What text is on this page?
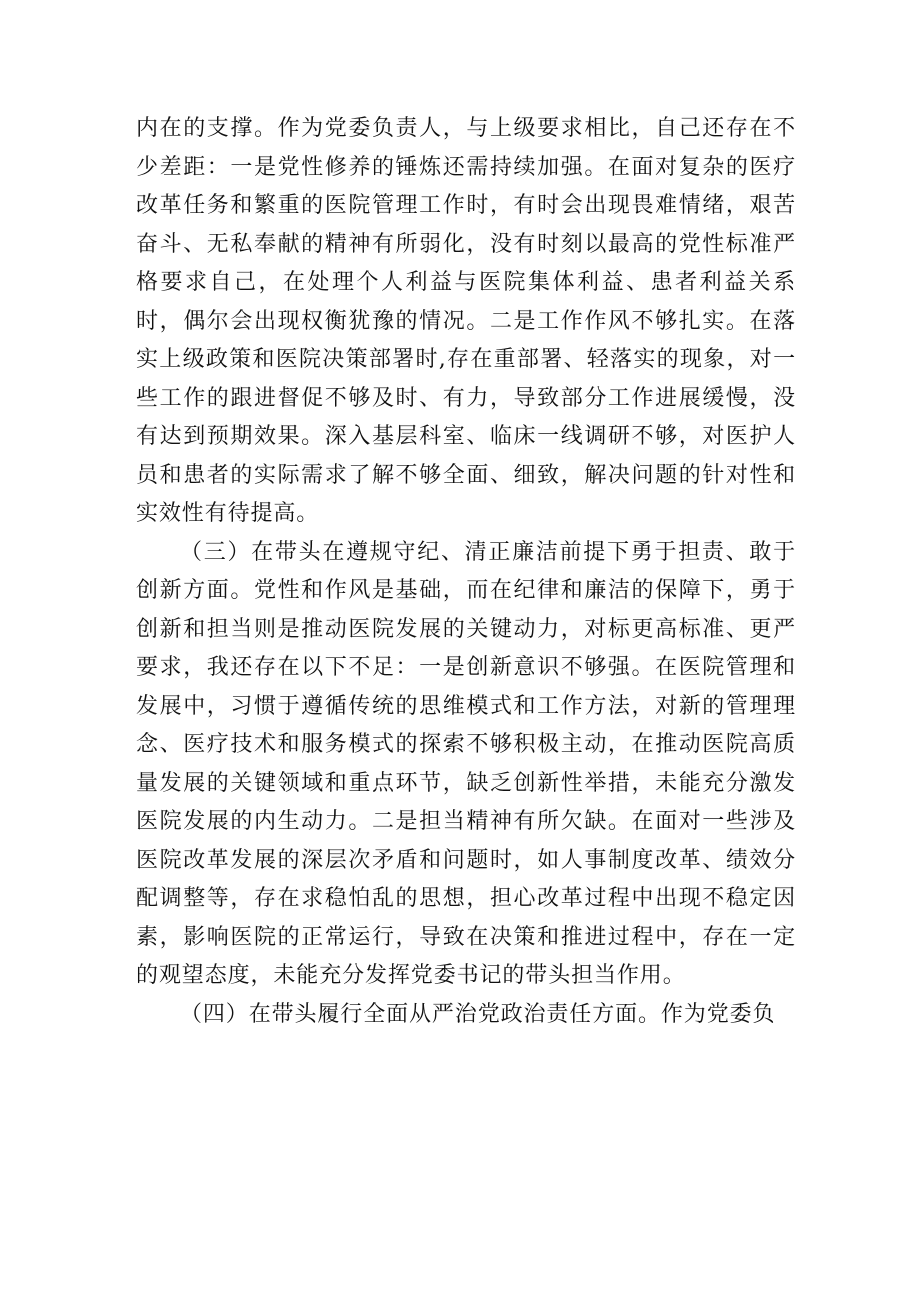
内在的支撑。作为党委负责人，与上级要求相比，自己还存在不少差距：一是党性修养的锤炼还需持续加强。在面对复杂的医疗改革任务和繁重的医院管理工作时，有时会出现畏难情绪，艰苦奋斗、无私奉献的精神有所弱化，没有时刻以最高的党性标准严格要求自己，在处理个人利益与医院集体利益、患者利益关系时，偶尔会出现权衡犹豫的情况。二是工作作风不够扎实。在落实上级政策和医院决策部署时,存在重部署、轻落实的现象，对一些工作的跟进督促不够及时、有力，导致部分工作进展缓慢，没有达到预期效果。深入基层科室、临床一线调研不够，对医护人员和患者的实际需求了解不够全面、细致，解决问题的针对性和实效性有待提高。

（三）在带头在遵规守纪、清正廉洁前提下勇于担责、敢于创新方面。党性和作风是基础，而在纪律和廉洁的保障下，勇于创新和担当则是推动医院发展的关键动力，对标更高标准、更严要求，我还存在以下不足：一是创新意识不够强。在医院管理和发展中，习惯于遵循传统的思维模式和工作方法，对新的管理理念、医疗技术和服务模式的探索不够积极主动，在推动医院高质量发展的关键领域和重点环节，缺乏创新性举措，未能充分激发医院发展的内生动力。二是担当精神有所欠缺。在面对一些涉及医院改革发展的深层次矛盾和问题时，如人事制度改革、绩效分配调整等，存在求稳怕乱的思想，担心改革过程中出现不稳定因素，影响医院的正常运行，导致在决策和推进过程中，存在一定的观望态度，未能充分发挥党委书记的带头担当作用。

（四）在带头履行全面从严治党政治责任方面。作为党委负
